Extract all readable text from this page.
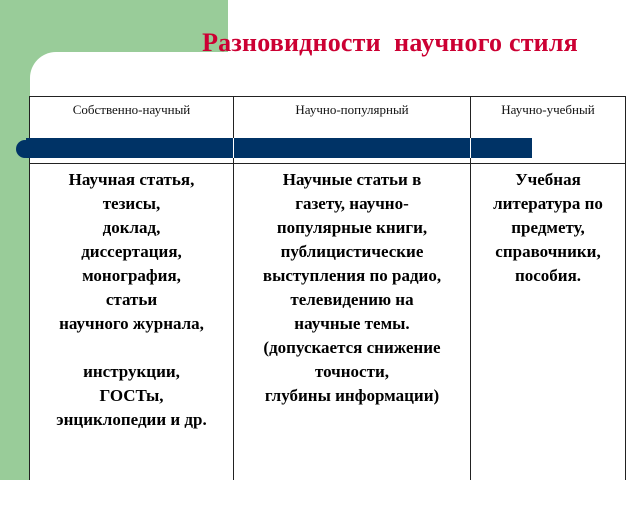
Разновидности  научного стиля
Собственно-научный	Научно-популярный	Научно-учебный
Научная статья,
тезисы,
доклад,
диссертация,
монография,
статьи
научного журнала,

инструкции,
ГОСТы,
энциклопедии и др.
Научные статьи в
газету, научно-
популярные книги,
публицистические
выступления по радио,
телевидению на
научные темы.
(допускается снижение
точности,
глубины информации)
Учебная
литература по
предмету,
справочники,
пособия.
